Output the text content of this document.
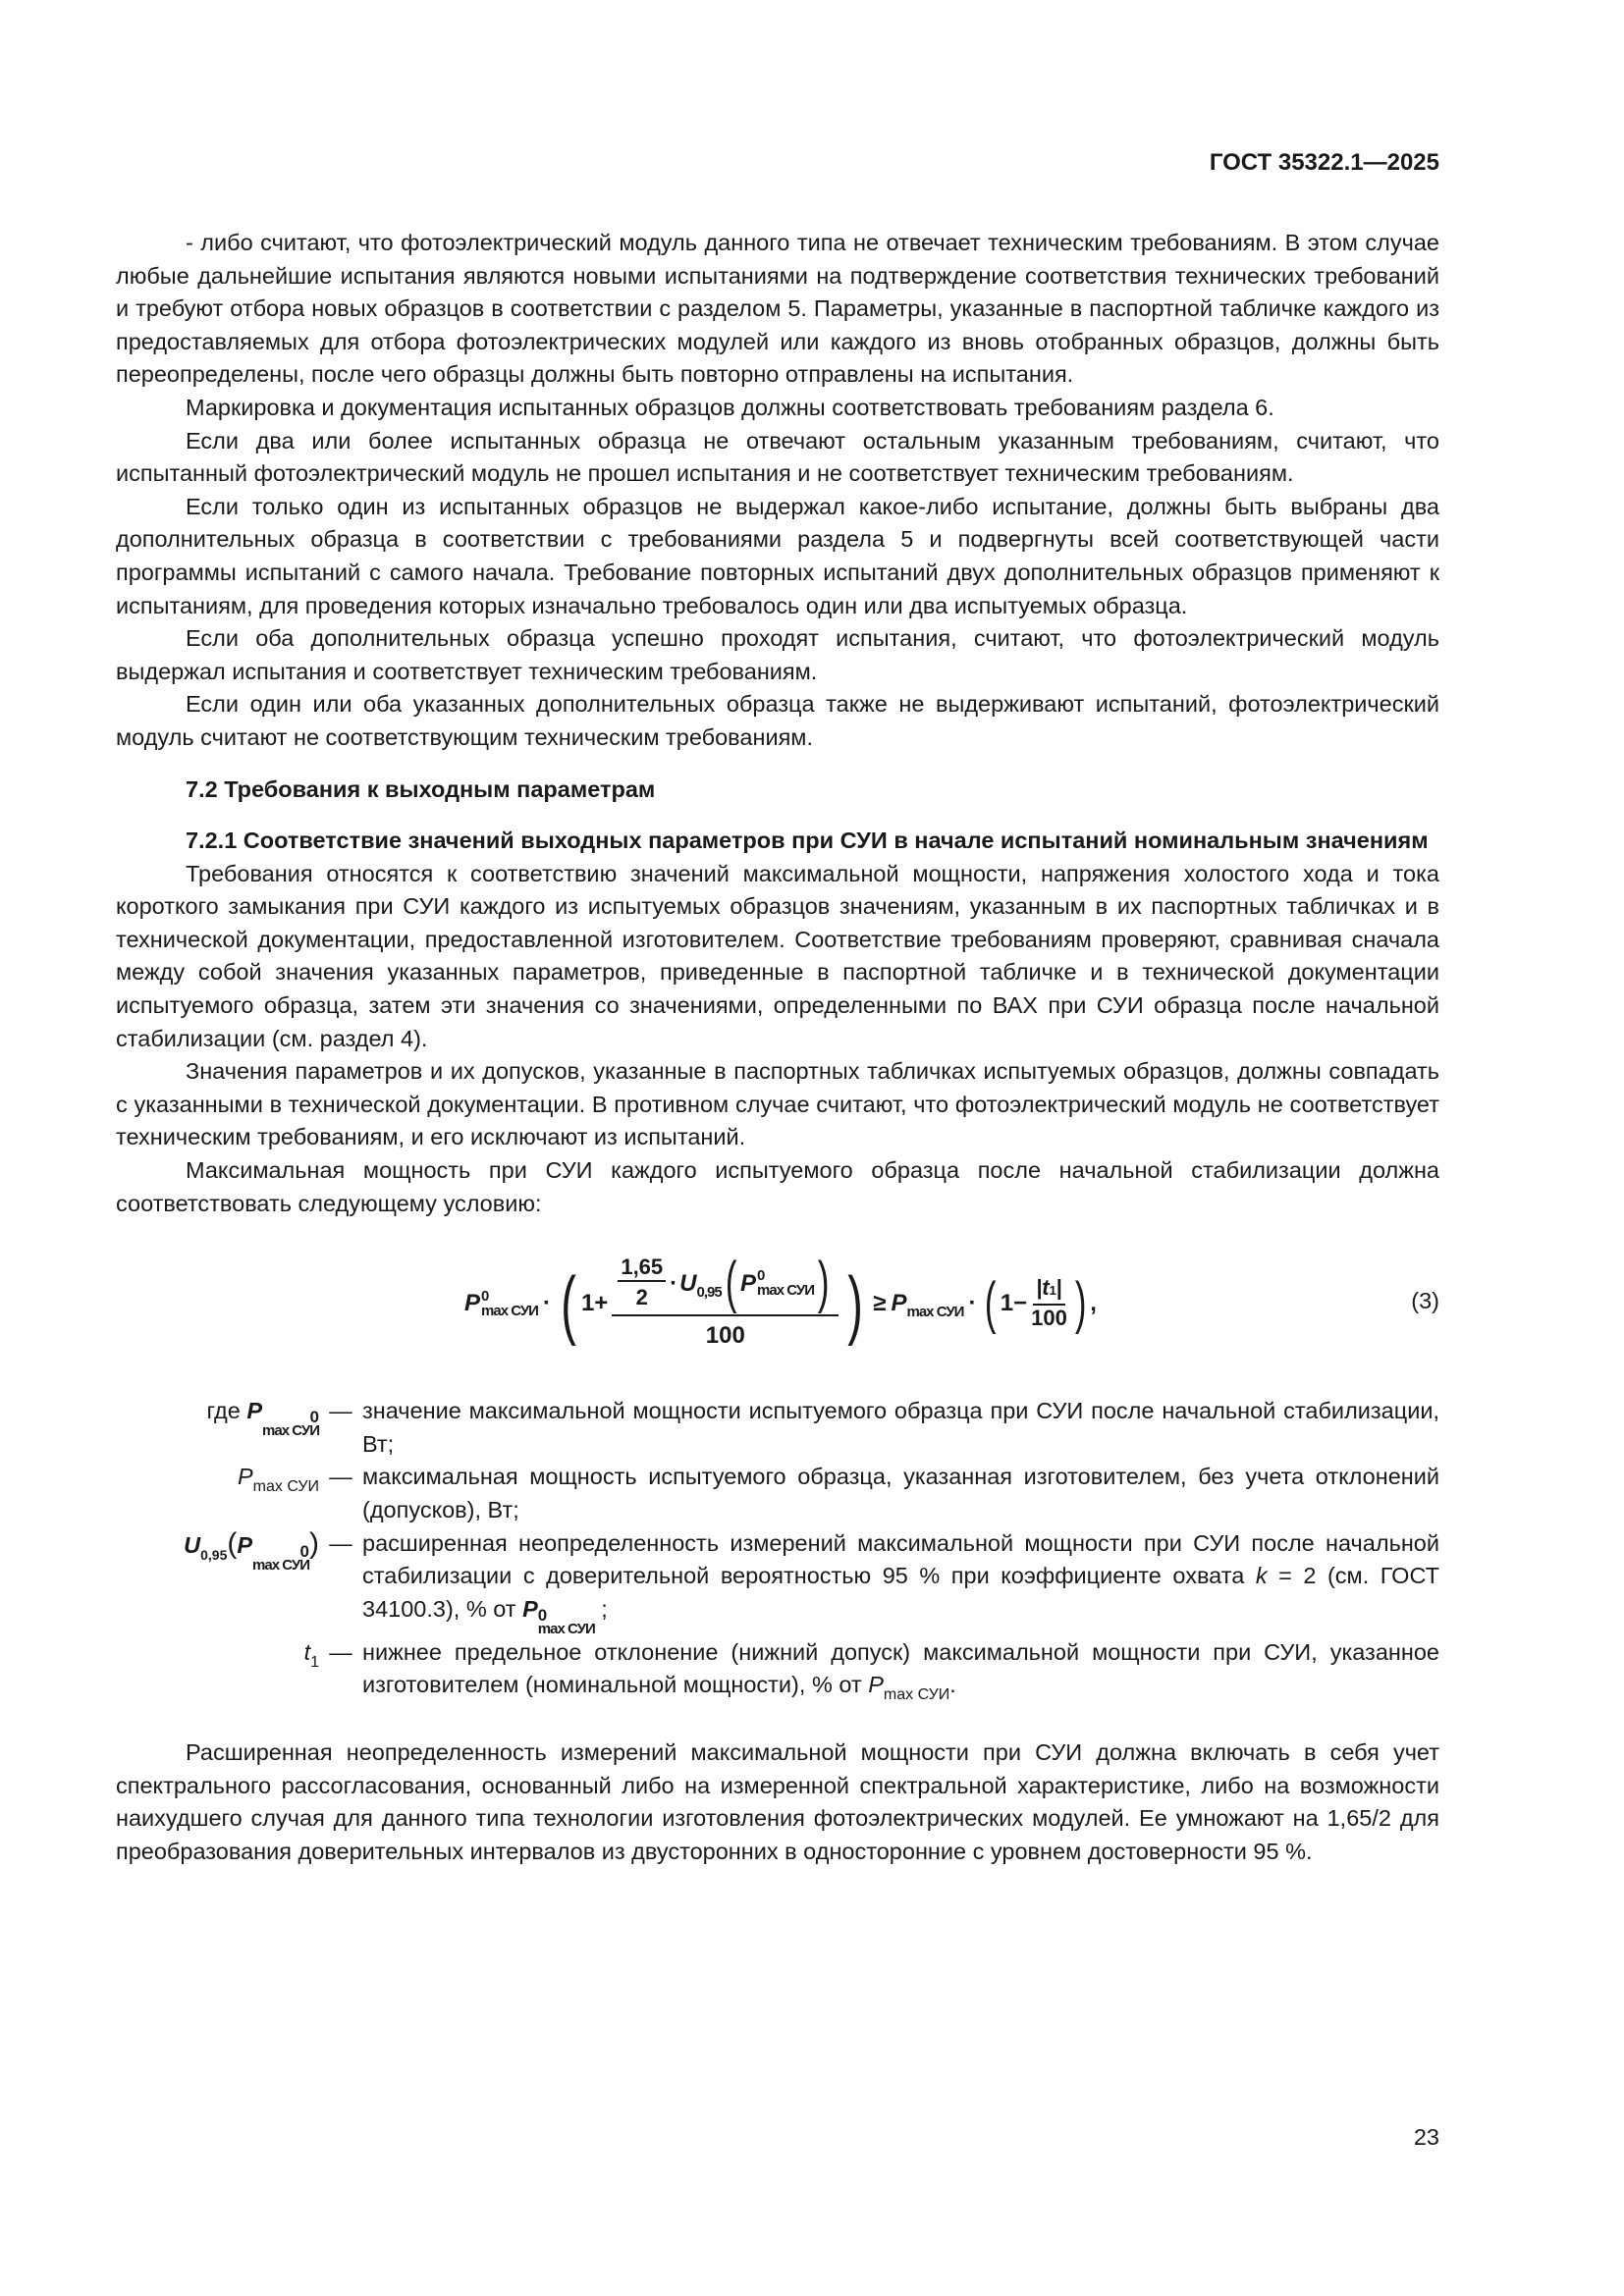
ГОСТ 35322.1—2025

- либо считают, что фотоэлектрический модуль данного типа не отвечает техническим требованиям. В этом случае любые дальнейшие испытания являются новыми испытаниями на подтверждение соответствия технических требований и требуют отбора новых образцов в соответствии с разделом 5. Параметры, указанные в паспортной табличке каждого из предоставляемых для отбора фотоэлектрических модулей или каждого из вновь отобранных образцов, должны быть переопределены, после чего образцы должны быть повторно отправлены на испытания.

Маркировка и документация испытанных образцов должны соответствовать требованиям раздела 6.

Если два или более испытанных образца не отвечают остальным указанным требованиям, считают, что испытанный фотоэлектрический модуль не прошел испытания и не соответствует техническим требованиям.

Если только один из испытанных образцов не выдержал какое-либо испытание, должны быть выбраны два дополнительных образца в соответствии с требованиями раздела 5 и подвергнуты всей соответствующей части программы испытаний с самого начала. Требование повторных испытаний двух дополнительных образцов применяют к испытаниям, для проведения которых изначально требовалось один или два испытуемых образца.

Если оба дополнительных образца успешно проходят испытания, считают, что фотоэлектрический модуль выдержал испытания и соответствует техническим требованиям.

Если один или оба указанных дополнительных образца также не выдерживают испытаний, фотоэлектрический модуль считают не соответствующим техническим требованиям.

7.2 Требования к выходным параметрам

7.2.1 Соответствие значений выходных параметров при СУИ в начале испытаний номинальным значениям

Требования относятся к соответствию значений максимальной мощности, напряжения холостого хода и тока короткого замыкания при СУИ каждого из испытуемых образцов значениям, указанным в их паспортных табличках и в технической документации, предоставленной изготовителем. Соответствие требованиям проверяют, сравнивая сначала между собой значения указанных параметров, приведенные в паспортной табличке и в технической документации испытуемого образца, затем эти значения со значениями, определенными по ВАХ при СУИ образца после начальной стабилизации (см. раздел 4).

Значения параметров и их допусков, указанные в паспортных табличках испытуемых образцов, должны совпадать с указанными в технической документации. В противном случае считают, что фотоэлектрический модуль не соответствует техническим требованиям, и его исключают из испытаний.

Максимальная мощность при СУИ каждого испытуемого образца после начальной стабилизации должна соответствовать следующему условию:

P 0
max СУИ · ( $1+ \frac{1,65}{2} \cdot U$ 0,95 ( P 0
max СУИ )
100 ) ≥ P max СУИ · ( $1- \frac{|t1|}{100}$ ) ,	(3)
где P	0
max СУИ
— значение максимальной мощности испытуемого образца при СУИ после начальной стабилизации, Вт;
$P_{max СУИ}$ — максимальная мощность испытуемого образца, указанная изготовителем, без учета отклонений (допусков), Вт;
$U_{0,95}(P$	0
max СУИ
) — расширенная неопределенность измерений максимальной мощности при СУИ после начальной стабилизации с доверительной вероятностью 95 % при коэффициенте охвата k = 2 (см. ГОСТ 34100.3), % от P 0
max СУИ
;
$t_1$ — нижнее предельное отклонение (нижний допуск) максимальной мощности при СУИ, указанное изготовителем (номинальной мощности), % от $P_{max СУИ}$.

Расширенная неопределенность измерений максимальной мощности при СУИ должна включать в себя учет спектрального рассогласования, основанный либо на измеренной спектральной характеристике, либо на возможности наихудшего случая для данного типа технологии изготовления фотоэлектрических модулей. Ее умножают на 1,65/2 для преобразования доверительных интервалов из двусторонних в односторонние с уровнем достоверности 95 %.

23
